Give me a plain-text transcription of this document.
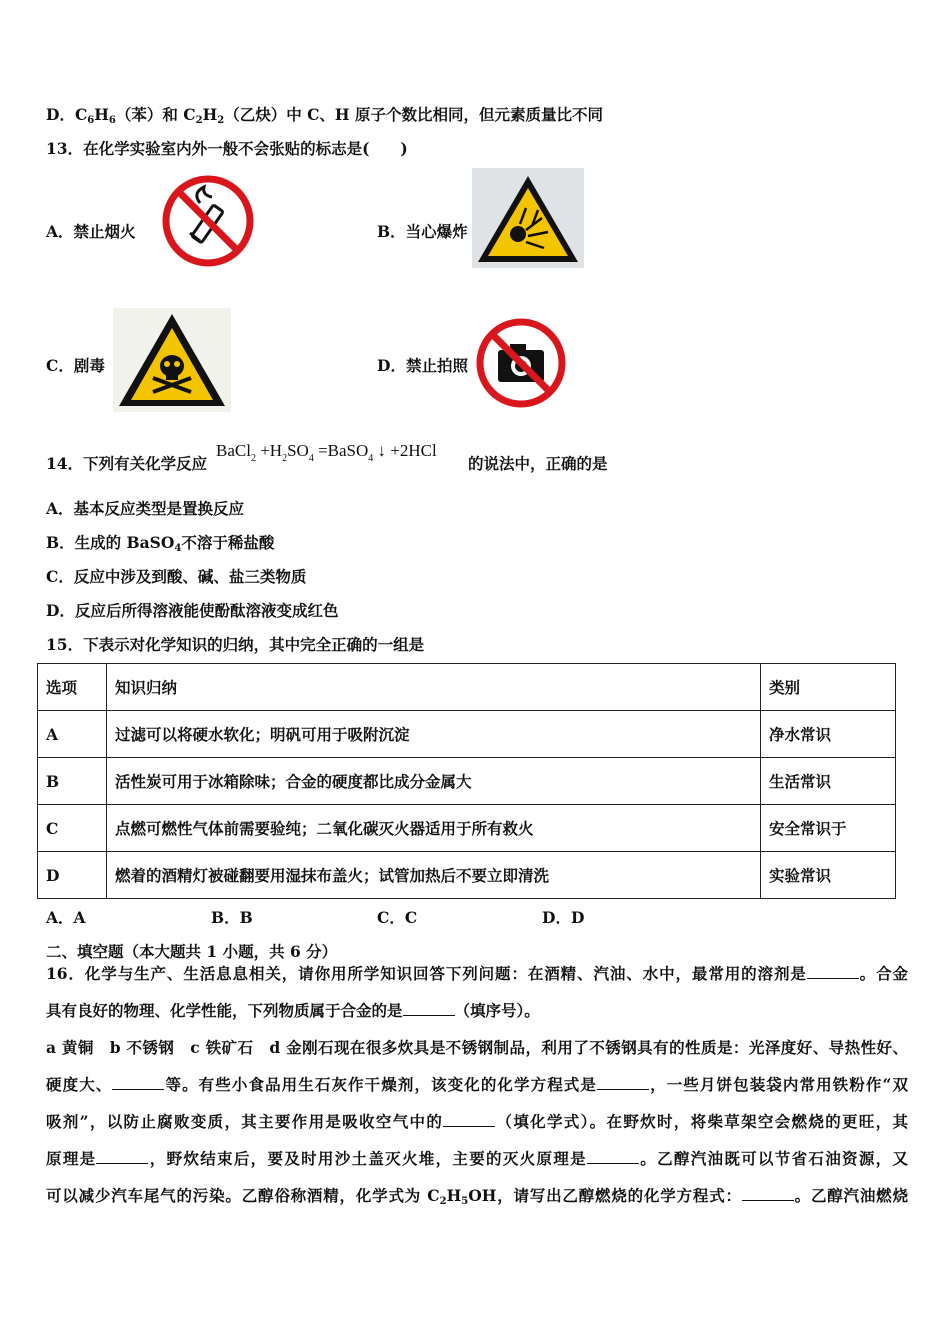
D．$C_6H_6$（苯）和 $C_2H_2$（乙炔）中 C、H 原子个数比相同，但元素质量比不同
13．在化学实验室内外一般不会张贴的标志是(　　)
A．禁止烟火	B．当心爆炸
C．剧毒	D．禁止拍照
14．下列有关化学反应
BaCl$_2$ $+H_2SO_4$ =BaSO$_4$ ↓ +2HCl
的说法中，正确的是
A．基本反应类型是置换反应
B．生成的 BaSO$_4$不溶于稀盐酸
C．反应中涉及到酸、碱、盐三类物质
D．反应后所得溶液能使酚酞溶液变成红色
15．下表示对化学知识的归纳，其中完全正确的一组是
选项	知识归纳	类别
A	过滤可以将硬水软化；明矾可用于吸附沉淀	净水常识
B	活性炭可用于冰箱除味；合金的硬度都比成分金属大	生活常识
C	点燃可燃性气体前需要验纯；二氧化碳灭火器适用于所有救火	安全常识于
D	燃着的酒精灯被碰翻要用湿抹布盖火；试管加热后不要立即清洗	实验常识
A．A	B．B	C．C	D．D
二、填空题（本大题共 1 小题，共 6 分）
16．化学与生产、生活息息相关，请你用所学知识回答下列问题：在酒精、汽油、水中，最常用的溶剂是	。合金
具有良好的物理、化学性能，下列物质属于合金的是	（填序号）。
a 黄铜　b 不锈钢　c 铁矿石　d 金刚石现在很多炊具是不锈钢制品，利用了不锈钢具有的性质是：光泽度好、导热性好、
硬度大、	等。有些小食品用生石灰作干燥剂，该变化的化学方程式是	，一些月饼包装袋内常用铁粉作“双
吸剂”，以防止腐败变质，其主要作用是吸收空气中的	（填化学式）。在野炊时，将柴草架空会燃烧的更旺，其
原理是	，野炊结束后，要及时用沙土盖灭火堆，主要的灭火原理是	。乙醇汽油既可以节省石油资源，又
可以减少汽车尾气的污染。乙醇俗称酒精，化学式为 $C_2H_5OH$，请写出乙醇燃烧的化学方程式：	。乙醇汽油燃烧
